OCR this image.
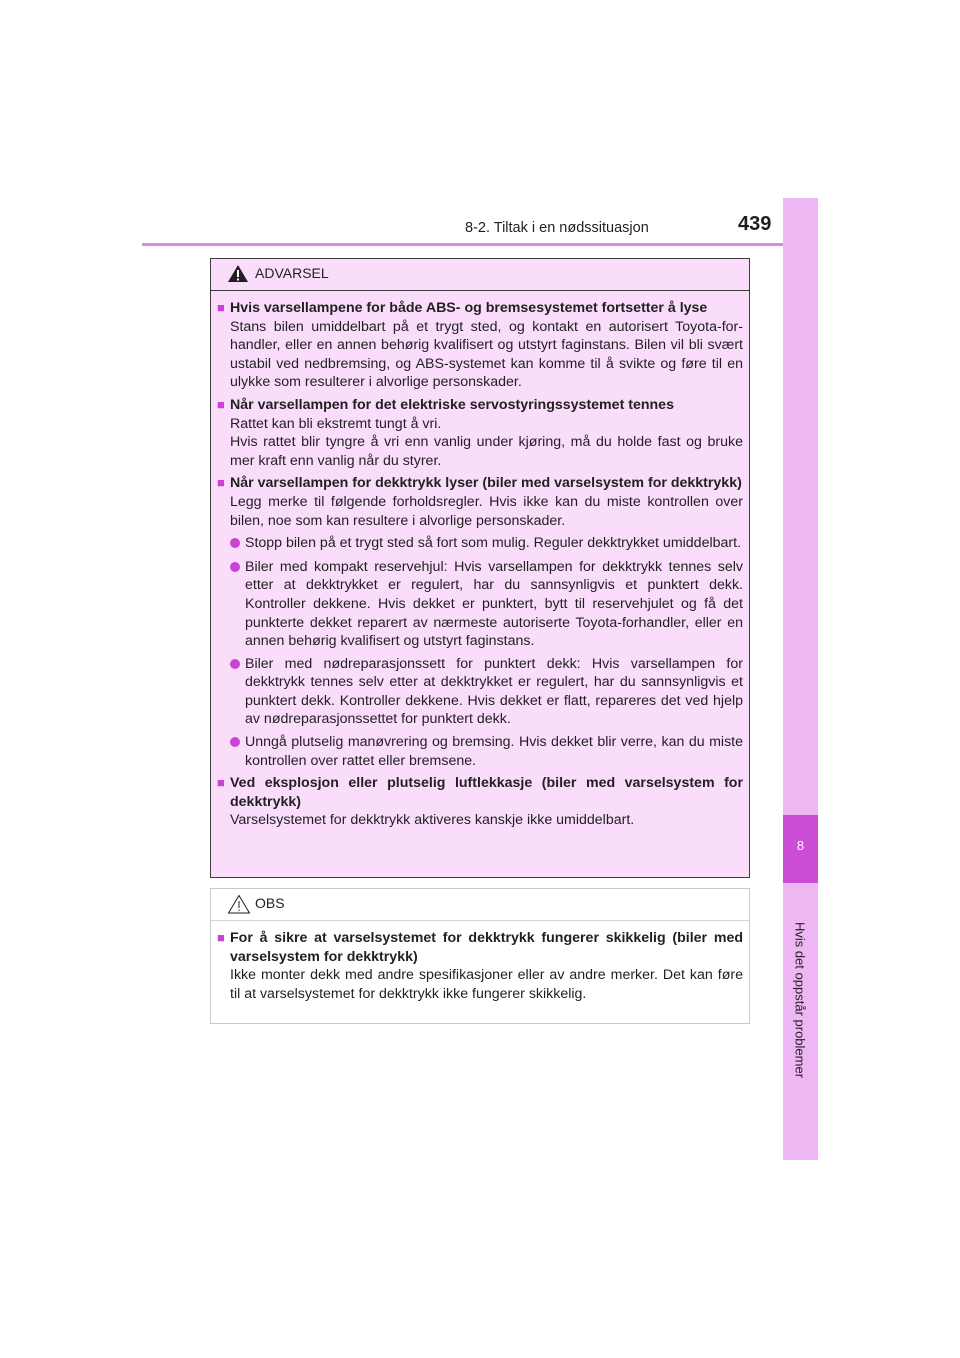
8-2. Tiltak i en nødssituasjon	439
8
Hvis det oppstår problemer
ADVARSEL
■ Hvis varsellampene for både ABS- og bremsesystemet fortsetter å lyse
Stans bilen umiddelbart på et trygt sted, og kontakt en autorisert Toyota-forhandler, eller en annen behørig kvalifisert og utstyrt faginstans. Bilen vil bli svært ustabil ved nedbremsing, og ABS-systemet kan komme til å svikte og føre til en ulykke som resulterer i alvorlige personskader.
■ Når varsellampen for det elektriske servostyringssystemet tennes
Rattet kan bli ekstremt tungt å vri.
Hvis rattet blir tyngre å vri enn vanlig under kjøring, må du holde fast og bruke mer kraft enn vanlig når du styrer.
■ Når varsellampen for dekktrykk lyser (biler med varselsystem for dekktrykk)
Legg merke til følgende forholdsregler. Hvis ikke kan du miste kontrollen over bilen, noe som kan resultere i alvorlige personskader.
Stopp bilen på et trygt sted så fort som mulig. Reguler dekktrykket umiddelbart.
Biler med kompakt reservehjul: Hvis varsellampen for dekktrykk tennes selv etter at dekktrykket er regulert, har du sannsynligvis et punktert dekk. Kontroller dekkene. Hvis dekket er punktert, bytt til reservehjulet og få det punkterte dekket reparert av nærmeste autoriserte Toyota-forhandler, eller en annen behørig kvalifisert og utstyrt faginstans.
Biler med nødreparasjonssett for punktert dekk: Hvis varsellampen for dekktrykk tennes selv etter at dekktrykket er regulert, har du sannsynligvis et punktert dekk. Kontroller dekkene. Hvis dekket er flatt, repareres det ved hjelp av nødreparasjonssettet for punktert dekk.
Unngå plutselig manøvrering og bremsing. Hvis dekket blir verre, kan du miste kontrollen over rattet eller bremsene.
■ Ved eksplosjon eller plutselig luftlekkasje (biler med varselsystem for dekktrykk)
Varselsystemet for dekktrykk aktiveres kanskje ikke umiddelbart.
OBS
■ For å sikre at varselsystemet for dekktrykk fungerer skikkelig (biler med varselsystem for dekktrykk)
Ikke monter dekk med andre spesifikasjoner eller av andre merker. Det kan føre til at varselsystemet for dekktrykk ikke fungerer skikkelig.
